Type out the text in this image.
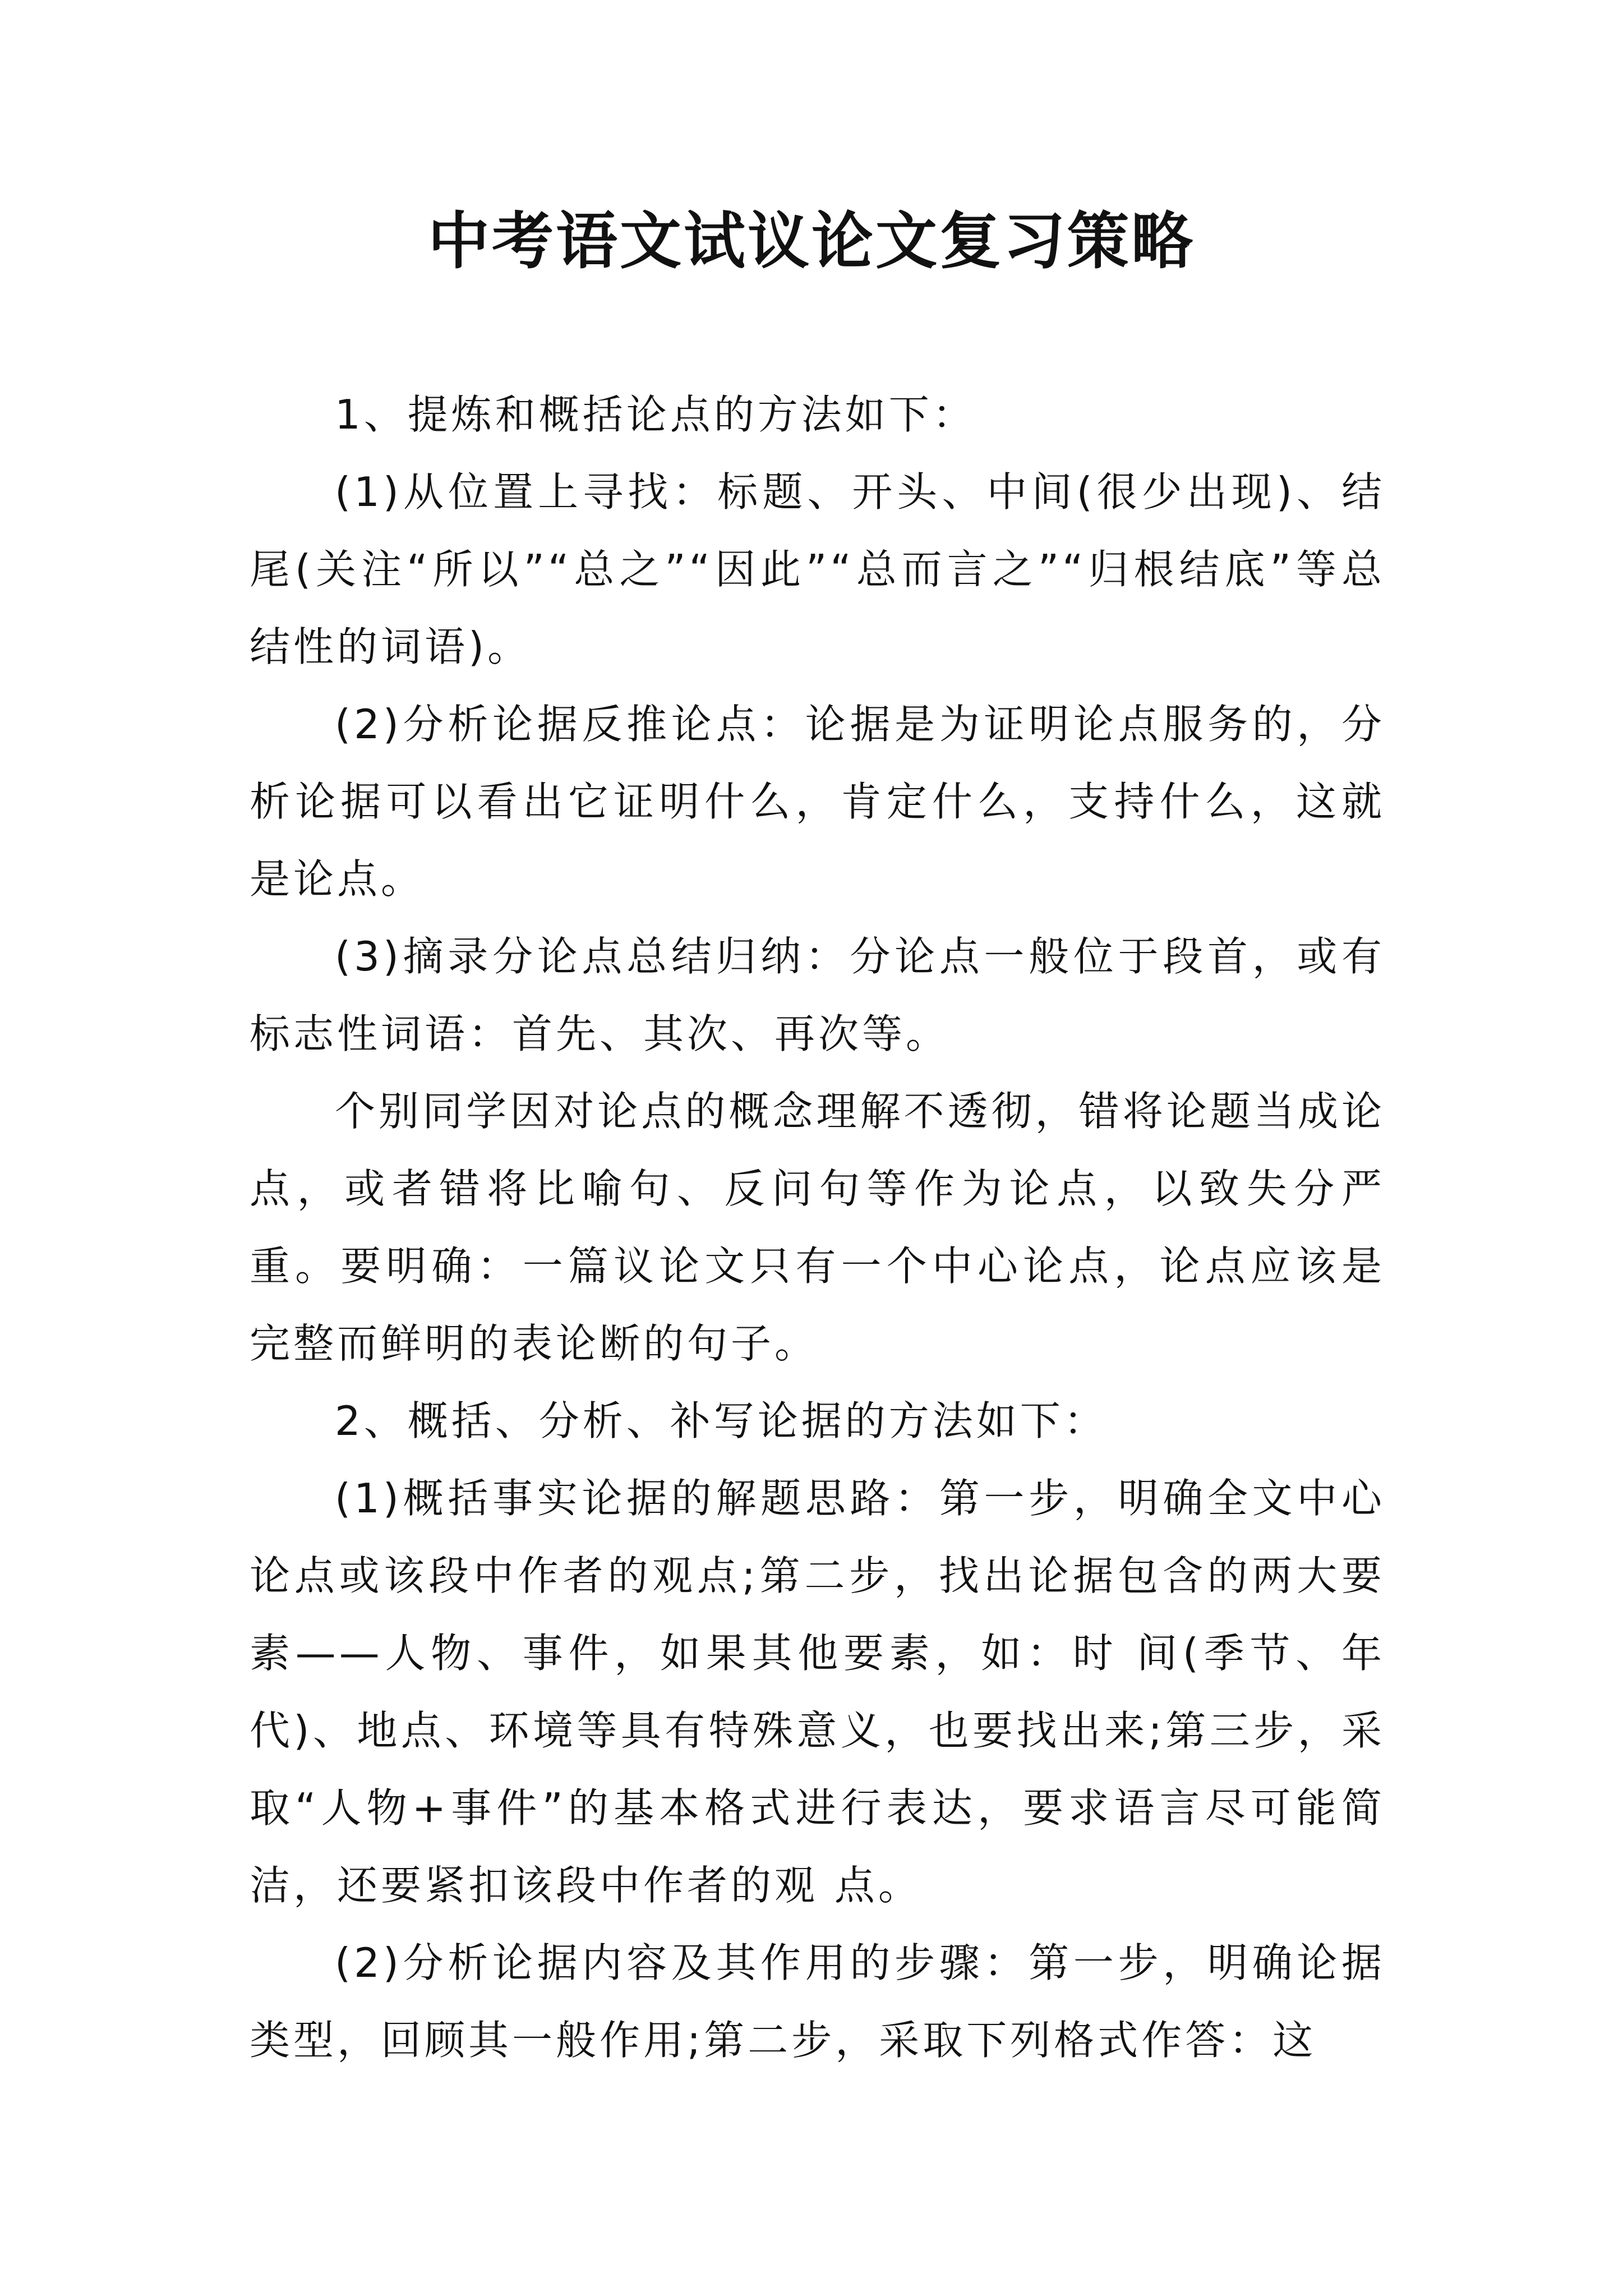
中考语文试议论文复习策略

1、提炼和概括论点的方法如下：

(1)从位置上寻找：标题、开头、中间(很少出现)、结尾(关注“所以”“总之”“因此”“总而言之”“归根结底”等总结性的词语)。

(2)分析论据反推论点：论据是为证明论点服务的，分析论据可以看出它证明什么，肯定什么，支持什么，这就是论点。

(3)摘录分论点总结归纳：分论点一般位于段首，或有标志性词语：首先、其次、再次等。

个别同学因对论点的概念理解不透彻，错将论题当成论点，或者错将比喻句、反问句等作为论点，以致失分严重。要明确：一篇议论文只有一个中心论点，论点应该是完整而鲜明的表论断的句子。

2、概括、分析、补写论据的方法如下：

(1)概括事实论据的解题思路：第一步，明确全文中心论点或该段中作者的观点;第二步，找出论据包含的两大要素——人物、事件，如果其他要素，如：时 间(季节、年代)、地点、环境等具有特殊意义，也要找出来;第三步，采取“人物+事件”的基本格式进行表达，要求语言尽可能简洁，还要紧扣该段中作者的观 点。

(2)分析论据内容及其作用的步骤：第一步，明确论据类型，回顾其一般作用;第二步，采取下列格式作答：这
